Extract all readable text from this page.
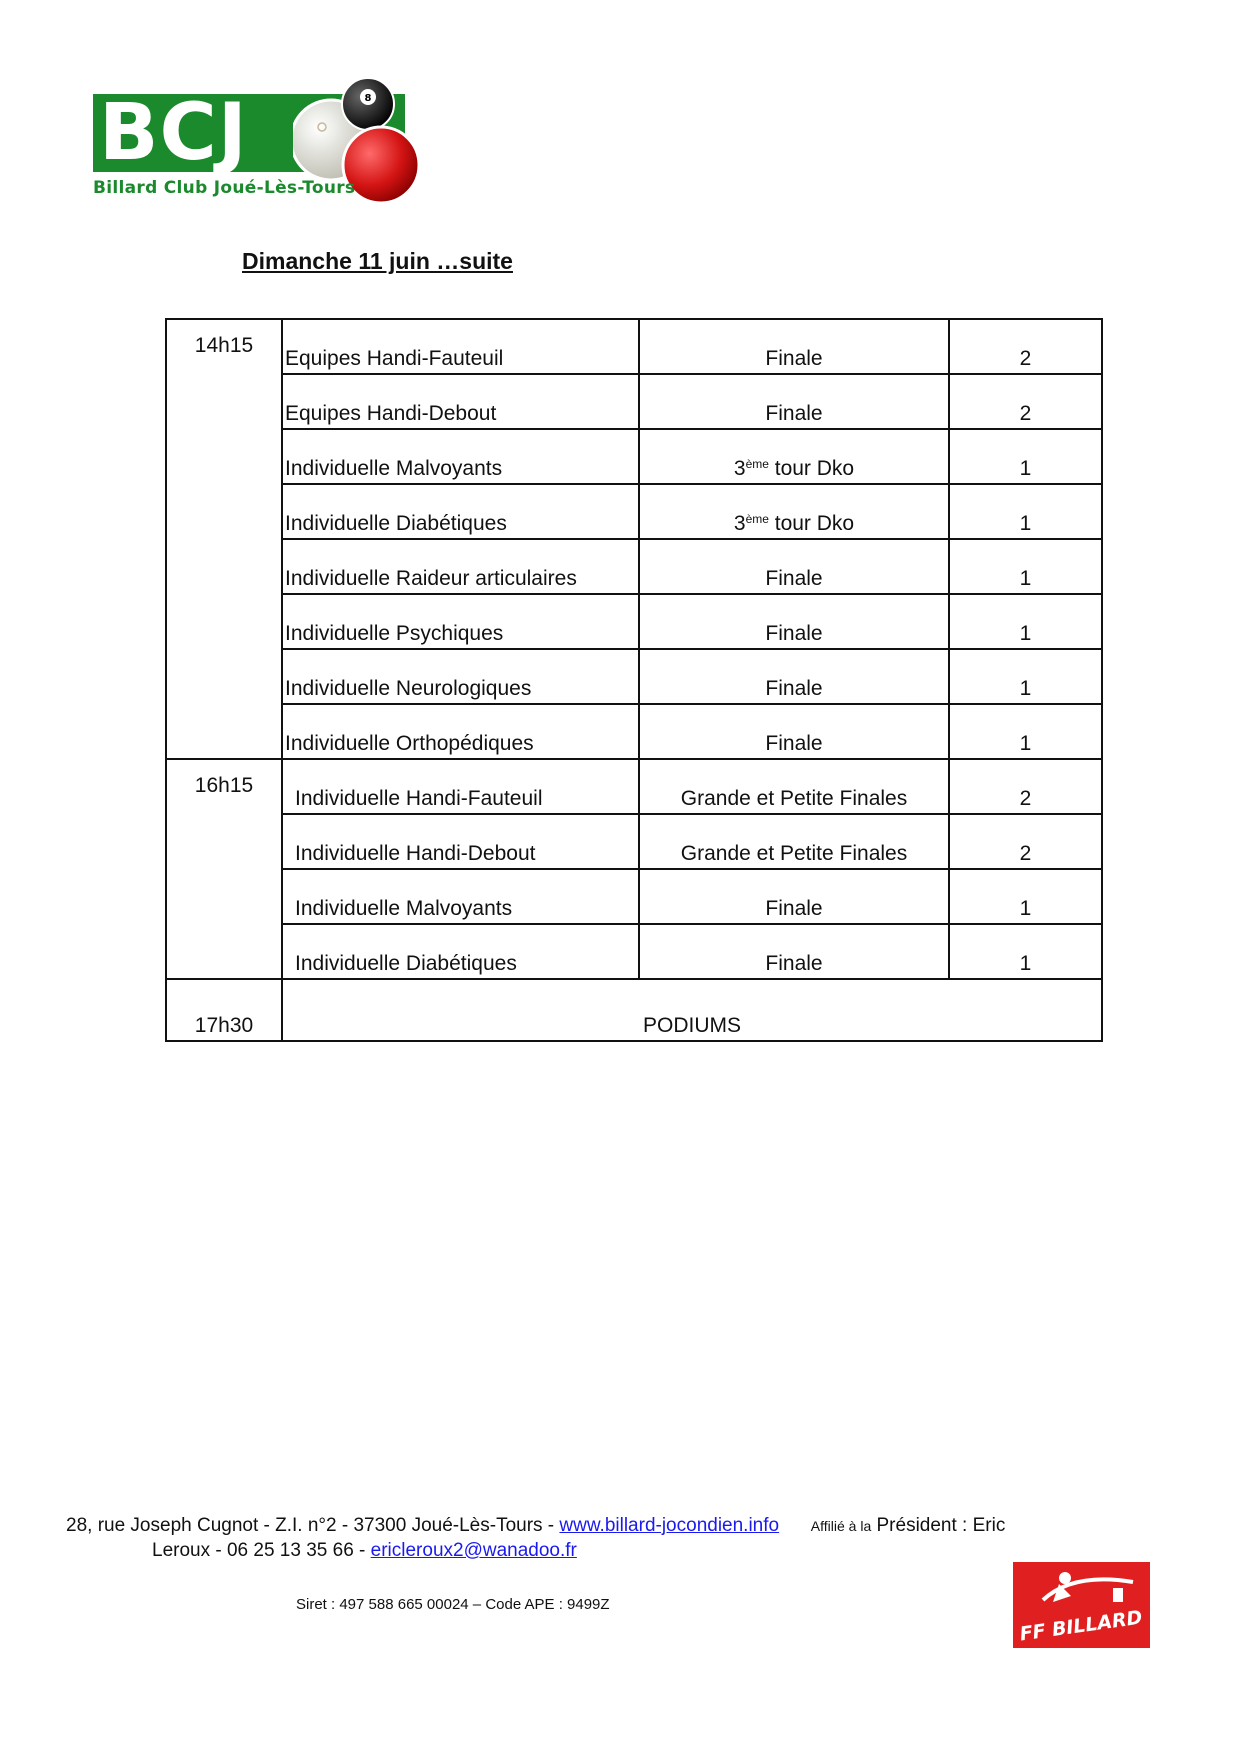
BCJ	8
Billard Club Joué-Lès-Tours
Dimanche 11 juin …suite
14h15	Equipes Handi-Fauteuil	Finale	2
	Equipes Handi-Debout	Finale	2
	Individuelle Malvoyants	3ème tour Dko	1
	Individuelle Diabétiques	3ème tour Dko	1
	Individuelle Raideur articulaires	Finale	1
	Individuelle Psychiques	Finale	1
	Individuelle Neurologiques	Finale	1
	Individuelle Orthopédiques	Finale	1
16h15	Individuelle Handi-Fauteuil	Grande et Petite Finales	2
	Individuelle Handi-Debout	Grande et Petite Finales	2
	Individuelle Malvoyants	Finale	1
	Individuelle Diabétiques	Finale	1
17h30	PODIUMS		
28, rue Joseph Cugnot - Z.I. n°2 - 37300 Joué-Lès-Tours - www.billard-jocondien.info Affilié à la Président : Eric
Leroux - 06 25 13 35 66 - ericleroux2@wanadoo.fr
Siret : 497 588 665 00024 – Code APE : 9499Z
FF BILLARD
